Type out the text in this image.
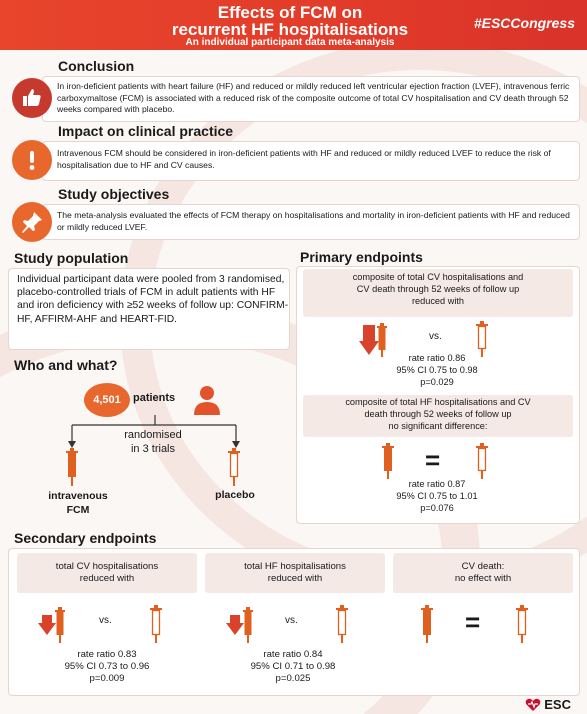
Effects of FCM on
recurrent HF hospitalisations
An individual participant data meta-analysis
#ESCCongress
Conclusion
In iron-deficient patients with heart failure (HF) and reduced or mildly reduced left ventricular ejection fraction (LVEF), intravenous ferric carboxymaltose (FCM) is associated with a reduced risk of the composite outcome of total CV hospitalisation and CV death through 52 weeks compared with placebo.
Impact on clinical practice
Intravenous FCM should be considered in iron-deficient patients with HF and reduced or mildly reduced LVEF to reduce the risk of hospitalisation due to HF and CV causes.
Study objectives
The meta-analysis evaluated the effects of FCM therapy on hospitalisations and mortality in iron-deficient patients with HF and reduced or mildly reduced LVEF.
Study population
Individual participant data were pooled from 3 randomised, placebo-controlled trials of FCM in adult patients with HF and iron deficiency with ≥52 weeks of follow up: CONFIRM-HF, AFFIRM-AHF and HEART-FID.
Who and what?
4,501	patients
randomised
in 3 trials
intravenous
FCM
placebo
Primary endpoints
composite of total CV hospitalisations and
CV death through 52 weeks of follow up
reduced with
vs.
rate ratio 0.86
95% CI 0.75 to 0.98
p=0.029
composite of total HF hospitalisations and CV
death through 52 weeks of follow up
no significant difference:
=
rate ratio 0.87
95% CI 0.75 to 1.01
p=0.076
Secondary endpoints
total CV hospitalisations
reduced with
vs.
rate ratio 0.83
95% CI 0.73 to 0.96
p=0.009
total HF hospitalisations
reduced with
vs.
rate ratio 0.84
95% CI 0.71 to 0.98
p=0.025
CV death:
no effect with
=
ESC
